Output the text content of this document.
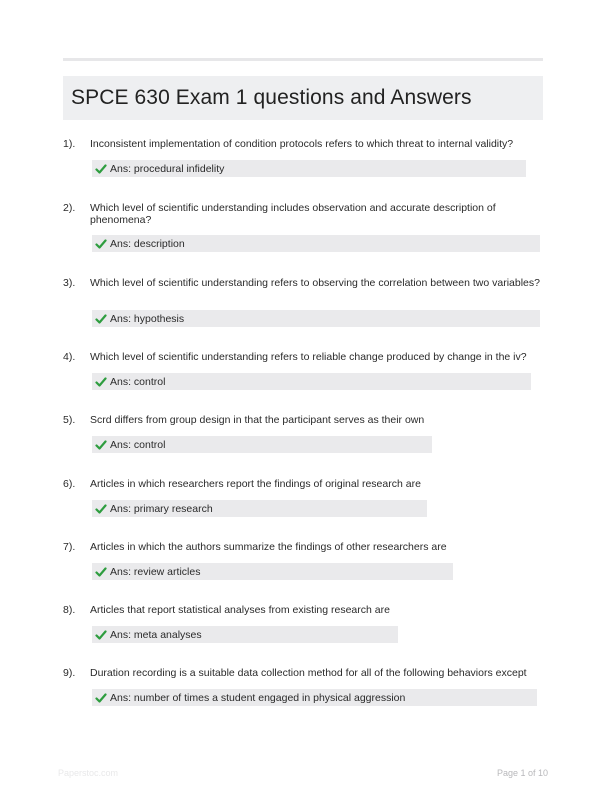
SPCE 630 Exam 1 questions and Answers
1). Inconsistent implementation of condition protocols refers to which threat to internal validity?
Ans: procedural infidelity
2). Which level of scientific understanding includes observation and accurate description of phenomena?
Ans: description
3). Which level of scientific understanding refers to observing the correlation between two variables?
Ans: hypothesis
4). Which level of scientific understanding refers to reliable change produced by change in the iv?
Ans: control
5). Scrd differs from group design in that the participant serves as their own
Ans: control
6). Articles in which researchers report the findings of original research are
Ans: primary research
7). Articles in which the authors summarize the findings of other researchers are
Ans: review articles
8). Articles that report statistical analyses from existing research are
Ans: meta analyses
9). Duration recording is a suitable data collection method for all of the following behaviors except
Ans: number of times a student engaged in physical aggression
Paperstoc.com	Page 1 of 10
